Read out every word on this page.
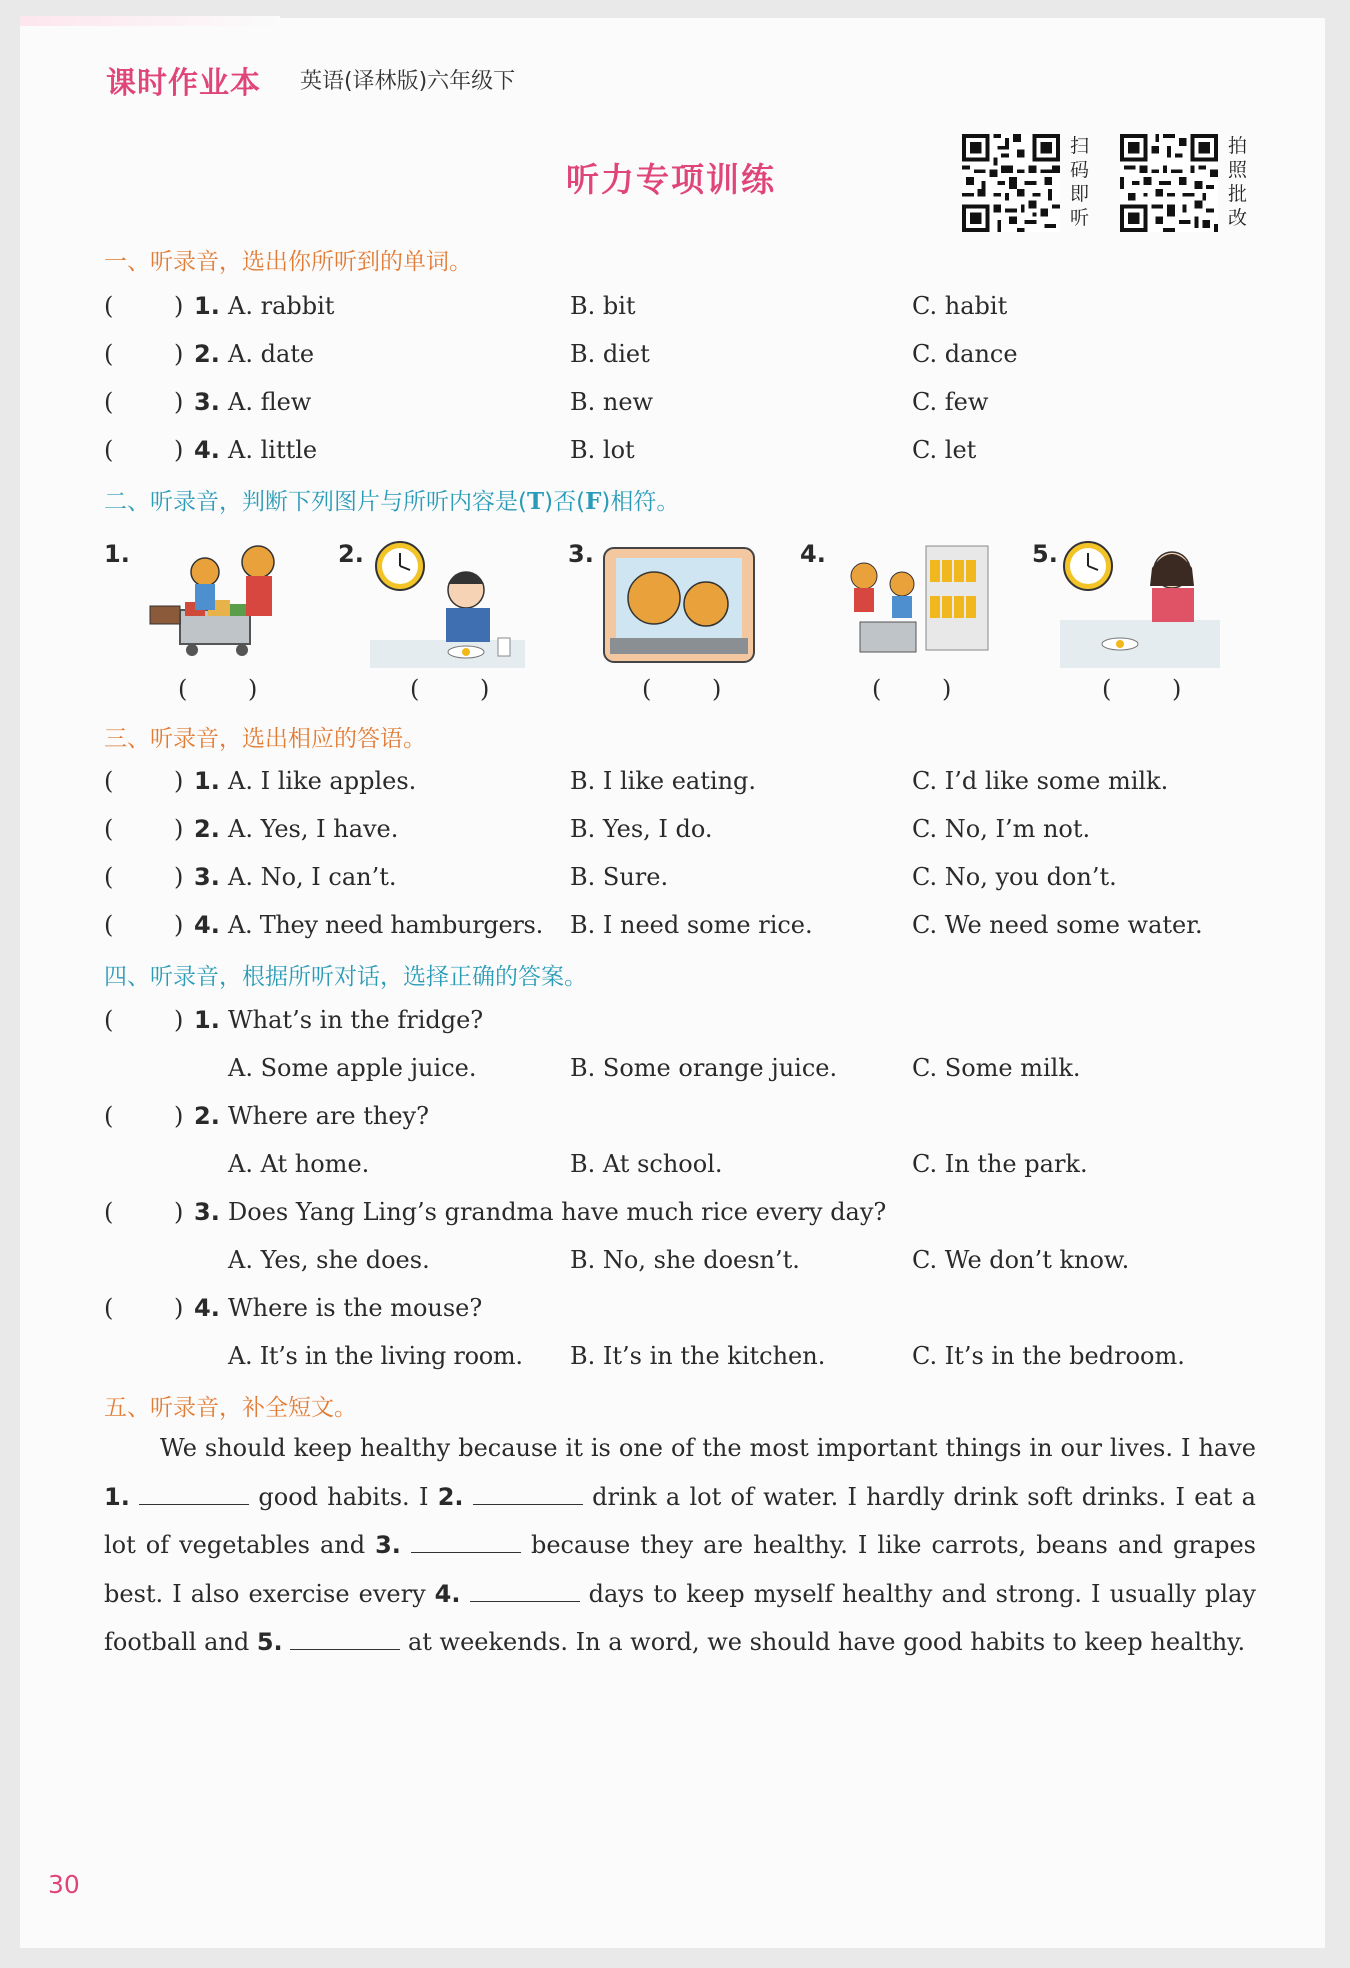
课时作业本 英语(译林版)六年级下
听力专项训练
扫码即听
拍照批改
一、听录音，选出你所听到的单词。
(	) 1. A. rabbit	B. bit	C. habit
(	) 2. A. date	B. diet	C. dance
(	) 3. A. flew	B. new	C. few
(	) 4. A. little	B. lot	C. let
二、听录音，判断下列图片与所听内容是(T)否(F)相符。
1.
(	)
2.
(	)
3.
(	)
4.
(	)
5.
(	)
三、听录音，选出相应的答语。
(	) 1. A. I like apples.	B. I like eating.	C. I’d like some milk.
(	) 2. A. Yes, I have.	B. Yes, I do.	C. No, I’m not.
(	) 3. A. No, I can’t.	B. Sure.	C. No, you don’t.
(	) 4. A. They need hamburgers. B. I need some rice.	C. We need some water.
四、听录音，根据所听对话，选择正确的答案。
(	) 1. What’s in the fridge?
A. Some apple juice.	B. Some orange juice.	C. Some milk.
(	) 2. Where are they?
A. At home.	B. At school.	C. In the park.
(	) 3. Does Yang Ling’s grandma have much rice every day?
A. Yes, she does.	B. No, she doesn’t.	C. We don’t know.
(	) 4. Where is the mouse?
A. It’s in the living room. B. It’s in the kitchen.	C. It’s in the bedroom.
五、听录音，补全短文。
We should keep healthy because it is one of the most important things in our lives. I have 1.	good habits. I 2.	drink a lot of water. I hardly drink soft drinks. I eat a lot of vegetables and 3.	because they are healthy. I like carrots, beans and grapes best. I also exercise every 4.	days to keep myself healthy and strong. I usually play football and 5.	at weekends. In a word, we should have good habits to keep healthy.
30
